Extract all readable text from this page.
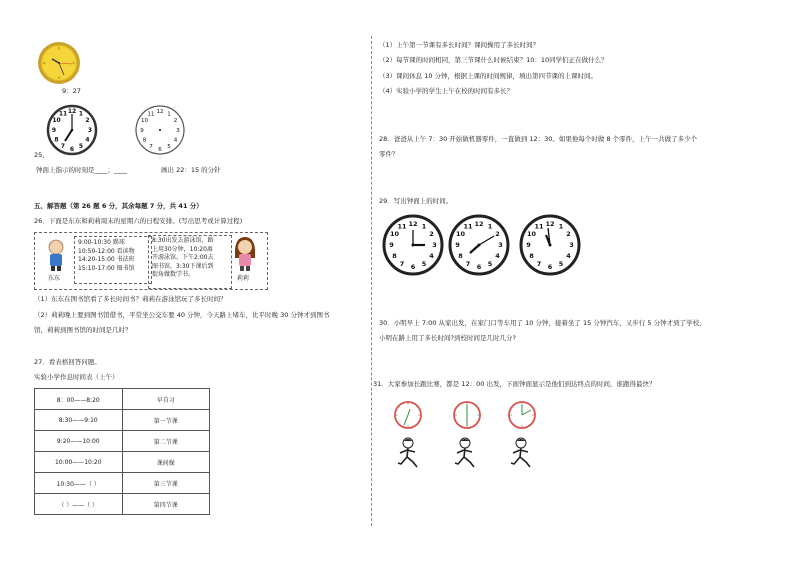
9：27
12 1
2
3
4
5
6
7
8
9
10
11	12 1
2
3
4
5
6
7
8
9
10
11
25、
钟面上指示的时刻是____；____	画出 22：15 的分针
五、解答题（第 26 题 6 分，其余每题 7 分，共 41 分）
26．下面是东东和莉莉周末的星期六的日程安排。(写出思考或计算过程)
东东
9:00-10:30 踢球
10:50-12:00 看读物
14:20-15:00 书法班
15:10-17:00 图书馆
8:30出发去游泳馆，路
上用30分钟，10:20离
开游泳馆。下午2:00去
图书馆，3:30下课后到
街角做数学书。
莉莉
（1）东东在图书馆看了多长时间书？莉莉在游泳馆玩了多长时间？
（2）莉莉晚上要到图书馆借书，平常坐公交车要 40 分钟，今天路上堵车，比平时晚 30 分钟才到图书
馆，莉莉到图书馆的时间是几时？
27．看表格回答问题。
实验小学作息时间表（上午）
8：00——8:20	早自习
8:30——9:10	第一节课
9:20——10:00	第二节课
10:00——10:20	课间操
10:30——（ ）	第三节课
（ ）——（ ）	第四节课
（1）上午第一节课有多长时间？课间操用了多长时间？
（2）每节课的时间相同，第三节课什么时候结束？10：10同学们正在做什么？
（3）课间休息 10 分钟，根据上课的时间规律，填出第四节课的上课时间。
（4）实验小学的学生上午在校的时间有多长？
28．爸爸从上午 7：30 开始做机器零件，一直做到 12：30。如果他每个时做 8 个零件，上午一共做了多少个
零件？
29．写出钟面上的时间。
12 1
2
3
4
5
6
7
8
9
10
11	12 1
2
3
4
5
6
7
8
9
10
11	12 1
2
3
4
5
6
7
8
9
10
11
30．小明早上 7:00 从家出发，在家门口等车用了 10 分钟，接着坐了 15 分钟汽车，又步行 5 分钟才到了学校，
小明在路上用了多长时间?到校时间是几时几分?
31．大家参加长跑比赛，都是 12：00 出发，下面钟面显示是他们到达终点的时间，谁跑得最快？
